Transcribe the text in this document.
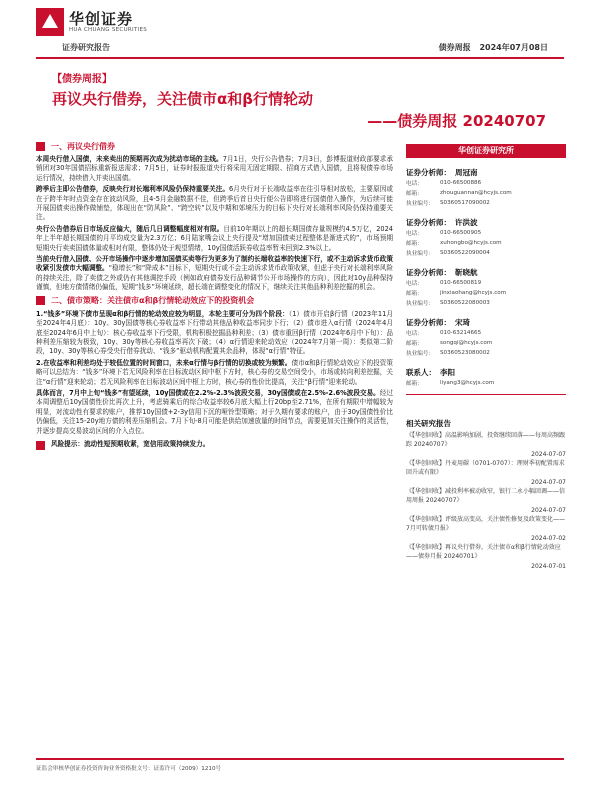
华创证券
HUA CHUANG SECURITIES
证券研究报告	债券周报 2024年07月08日
【债券周报】
再议央行借券，关注债市α和β行情轮动
——债券周报 20240707
一、再议央行借券

本周央行借入国债，未来卖出的预期再次成为扰动市场的主线。7月1日，央行公告借券；7月3日，彭博报道财政部要求承销团对30年国债招标重新报送需求；7月5日，证券时报报道央行将采用无固定期限、招商方式借入国债，且将视债券市场运行情况，持续借入并卖出国债。

跨季后主即公告借券，反映央行对长端利率风险仍保持重要关注。6月央行对于长端收益率在往引导相对放松，主要原因或在于跨半年时点资金存在波动风险，且4-5月金融数据不佳，但跨季后首日央行便公告即将进行国债借入操作，为后续可能开展国债卖出操作做铺垫，体现出在“防风险”、“跨空转”以及中期和郊境压力的目标下央行对长端利率风险仍保持重要关注。

央行公告借券后日市场反应偏大，随后几日调整幅度相对有限。目前10年期以上的超长期国债存量规模约4.5万亿，2024年上半年超长期国债的月平均成交量为2.3万亿；6月陆家嘴会议上央行提及“增加国债卖过程整体是渐进式的”，市场预期短期央行卖卖国债体量或相对有限，整体仍处于观望情绪，10y国债活跃券收益率暂未回到2.3%以上。

当前央行借入国债、公开市场操作中逐步增加国债买卖等行为更多为了制约长端收益率的快速下行，或不主动诉求货币政策收紧引发债市大幅调整。“稳增长”和“降成本”目标下，短期央行或不会主动诉求货币政策收紧，但虑于央行对长端利率风险的持续关注，除了卖债之外或仍有其他调控手段（例如政府债券发行品种调节公开市场操作的方向），因此对10y品种保持谨慎，但地方债情绪仍偏低，短期“钱多”环境延续，超长端在调整变化的情况下，继续关注其他品种利差挖掘的机会。

二、债市策略：关注债市α和β行情轮动效应下的投资机会

1.“钱多”环境下债市呈现α和β行情的轮动效应较为明显，本轮主要可分为四个阶段：（1）债市开启β行情（2023年11月至2024年4月底）：10y、30y国债等核心券收益率下行带动其他品种收益率同步下行；（2）债市进入α行情（2024年4月底至2024年6月中上旬）：核心券收益率下行受限，机构积极挖掘品种利差；（3）债市重回β行情（2024年6月中下旬）：品种利差压缩较为极致，10y、30y等核心券收益率再次下破；（4）α行情迎来轮动效应（2024年7月第一周）：类似第二阶段，10y、30y等核心券受央行借券扰动、“钱多”驱动机构配置其余品种，体现“α行情”特征。

2.在收益率和利差均处于较低位置的时间窗口，未来α行情与β行情的切换或较为频繁。债市α和β行情轮动效应下的投资策略可以总结为：“钱多”环境下若无风险利率在目标波动区间中枢下方时，核心券的交易空间受小，市场或转向利差挖掘，关注“α行情”迎来轮动；若无风险利率在目标波动区间中枢上方时，核心券的性价比提高，关注“β行情”迎来轮动。

具体而言，7月中上旬“钱多”有望延续，10y国债或在2.2%-2.3%波段交易，30y国债或在2.5%-2.6%波段交易。经过本周调整后10y国债性价比再次上升，考虑骑乘后的综合收益率较6月底大幅上行20bp至2.71%，在所有期限中增幅较为明显，对流动性有要求的账户，推荐10y国债+2-3y信用下沉的哑铃型策略；对于久期有要求的账户，由于30y国债性价比仍偏低，关注15-20y地方债的利差压缩机会。7月下旬-8月可能是供给加速放量的时间节点，需要更加关注操作的灵活性，并逐步提高交易波动区间的介入点位。

风险提示：流动性短预期收紧，宽信用政策持续发力。

华创证券研究所
证券分析师： 周冠南
电话：	010-66500886
邮箱：	zhouguannan@hcyjs.com
执业编号：	S0360517090002
证券分析师： 许洪波
电话：	010-66500905
邮箱：	xuhongbo@hcyjs.com
执业编号：	S0360522090004
证券分析师： 靳晓航
电话：	010-66500819
邮箱：	jinxiaohang@hcyjs.com
执业编号：	S0360522080003
证券分析师： 宋琦
电话：	010-63214665
邮箱：	songqi@hcyjs.com
执业编号：	S0360523080002
联系人： 李阳
邮箱：	liyang3@hcyjs.com
相关研究报告
《【华创固收】高温影响加剧，投资继续回落——每周高频跟踪 20240707》
2024-07-07
《【华创固收】丹麦用碳（0701-0707）：理财季初配置需求回升或有限》
2024-07-07
《【华创固收】减投利率被动收窄，银行二永小幅回调——信用周报 20240707》
2024-07-07
《【华创固收】评级放高变高，关注债性修复及政策变化——7月可转债月报》
2024-07-02
《【华创固收】再议央行借券，关注债市α和β行情轮动效应——债券月报 20240701》
2024-07-01
证监会审核华创证券投资咨询业务资格批文号：证监许可（2009）1210号
